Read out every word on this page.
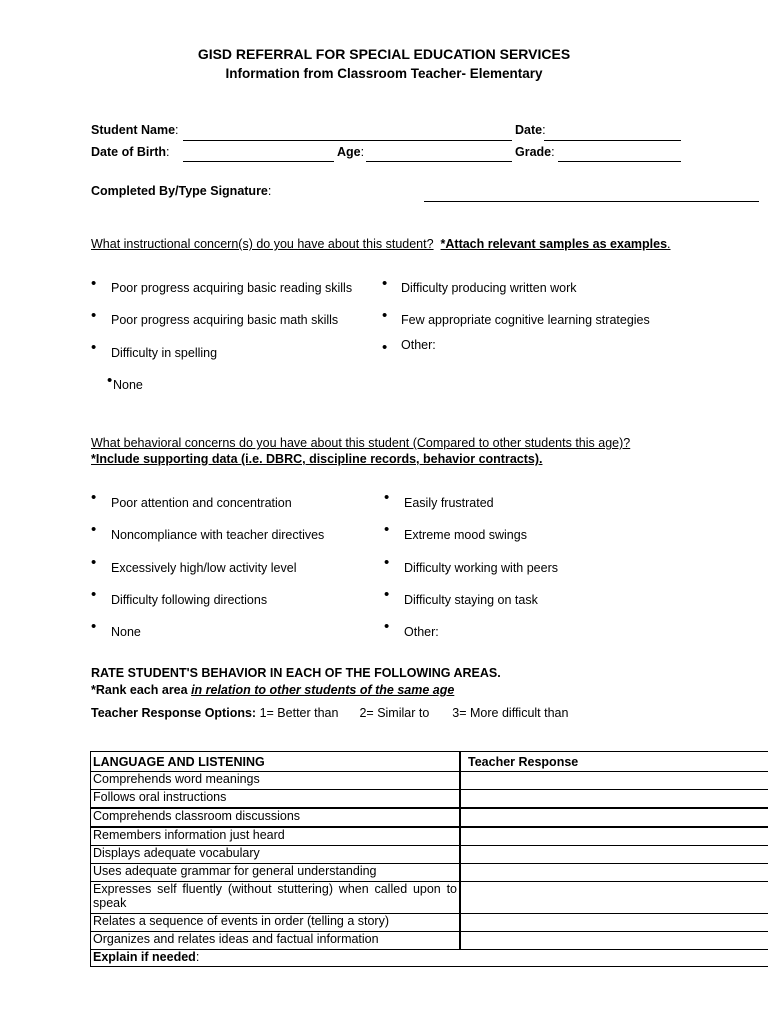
GISD REFERRAL FOR SPECIAL EDUCATION SERVICES
Information from Classroom Teacher- Elementary
Student Name:	Date:
Date of Birth:	Age:	Grade:
Completed By/Type Signature:
What instructional concern(s) do you have about this student? *Attach relevant samples as examples.
• Poor progress acquiring basic reading skills
• Poor progress acquiring basic math skills
• Difficulty in spelling
• None
• Difficulty producing written work
• Few appropriate cognitive learning strategies
• Other:
What behavioral concerns do you have about this student (Compared to other students this age)?
*Include supporting data (i.e. DBRC, discipline records, behavior contracts).
• Poor attention and concentration
• Noncompliance with teacher directives
• Excessively high/low activity level
• Difficulty following directions
• None
• Easily frustrated
• Extreme mood swings
• Difficulty working with peers
• Difficulty staying on task
• Other:
RATE STUDENT'S BEHAVIOR IN EACH OF THE FOLLOWING AREAS.
*Rank each area in relation to other students of the same age
Teacher Response Options: 1= Better than 2= Similar to 3= More difficult than
LANGUAGE AND LISTENING	Teacher Response
Comprehends word meanings	
Follows oral instructions	
Comprehends classroom discussions	
Remembers information just heard	
Displays adequate vocabulary	
Uses adequate grammar for general understanding	
Expresses self fluently (without stuttering) when called upon to speak	
Relates a sequence of events in order (telling a story)	
Organizes and relates ideas and factual information	
Explain if needed:	
